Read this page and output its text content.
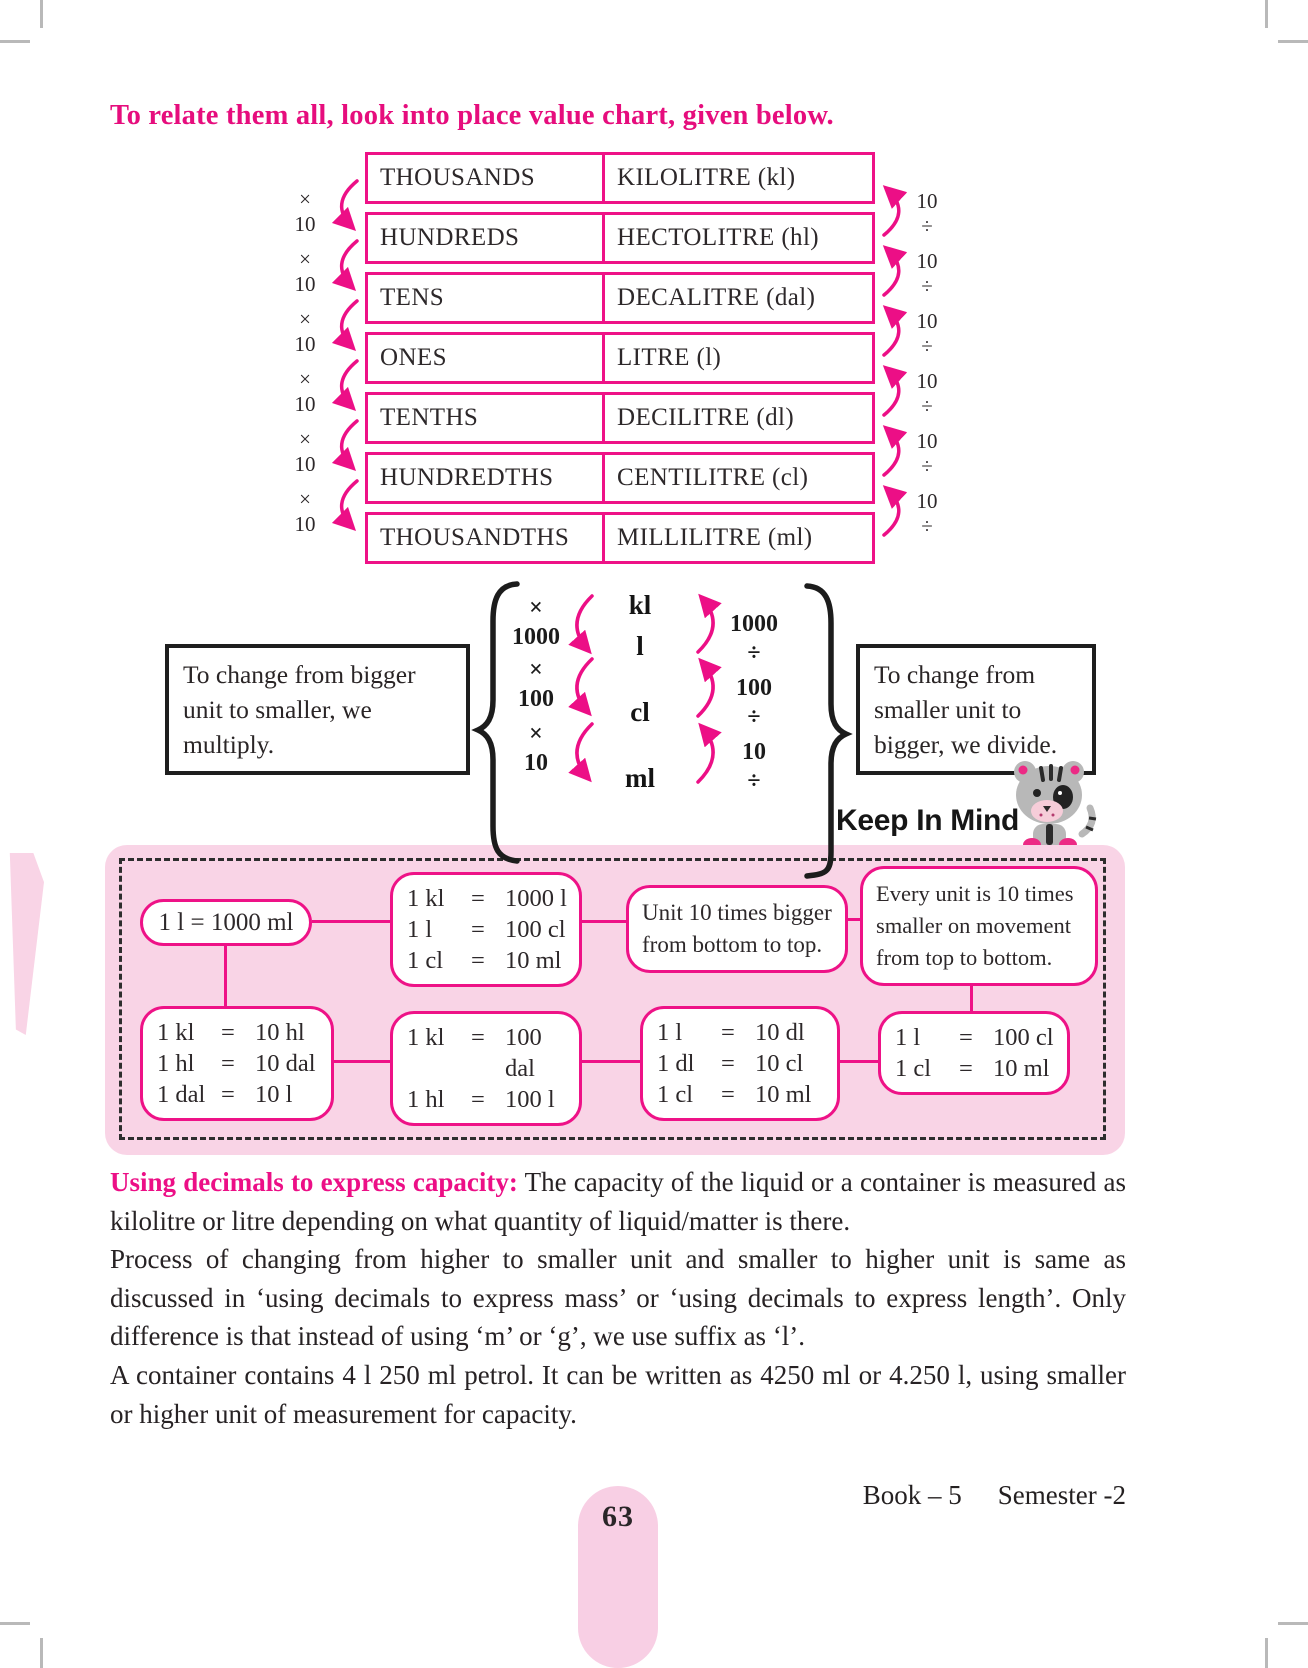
To relate them all, look into place value chart, given below.
THOUSANDS	KILOLITRE (kl)
HUNDREDS	HECTOLITRE (hl)
TENS	DECALITRE (dal)
ONES	LITRE (l)
TENTHS	DECILITRE (dl)
HUNDREDTHS	CENTILITRE (cl)
THOUSANDTHS	MILLILITRE (ml)
To change from bigger
unit to smaller, we
multiply.
To change from
smaller unit to
bigger, we divide.
Keep In Mind
1 l = 1000 ml
1 kl	= 1000 l
1 l	= 100 cl
1 cl	= 10 ml
Unit 10 times bigger
from bottom to top.
Every unit is 10 times
smaller on movement
from top to bottom.
1 kl	= 10 hl
1 hl	= 10 dal
1 dal = 10 l
1 kl	= 100 dal
1 hl	= 100 l
1 l	= 10 dl
1 dl	= 10 cl
1 cl	= 10 ml
1 l	= 100 cl
1 cl	= 10 ml
Using decimals to express capacity: The capacity of the liquid or a container is measured as kilolitre or litre depending on what quantity of liquid/matter is there.
Process of changing from higher to smaller unit and smaller to higher unit is same as discussed in ‘using decimals to express mass’ or ‘using decimals to express length’. Only difference is that instead of using ‘m’ or ‘g’, we use suffix as ‘l’.
A container contains 4 l 250 ml petrol. It can be written as 4250 ml or 4.250 l, using smaller or higher unit of measurement for capacity.
63
Book – 5 Semester -2
×
10
10
÷
×
10
10
÷
×
10
10
÷
×
10
10
÷
×
10
10
÷
×
10
10
÷
kl
l
cl
ml
×
1000
×
100
×
10
1000
÷
100
÷
10
÷
